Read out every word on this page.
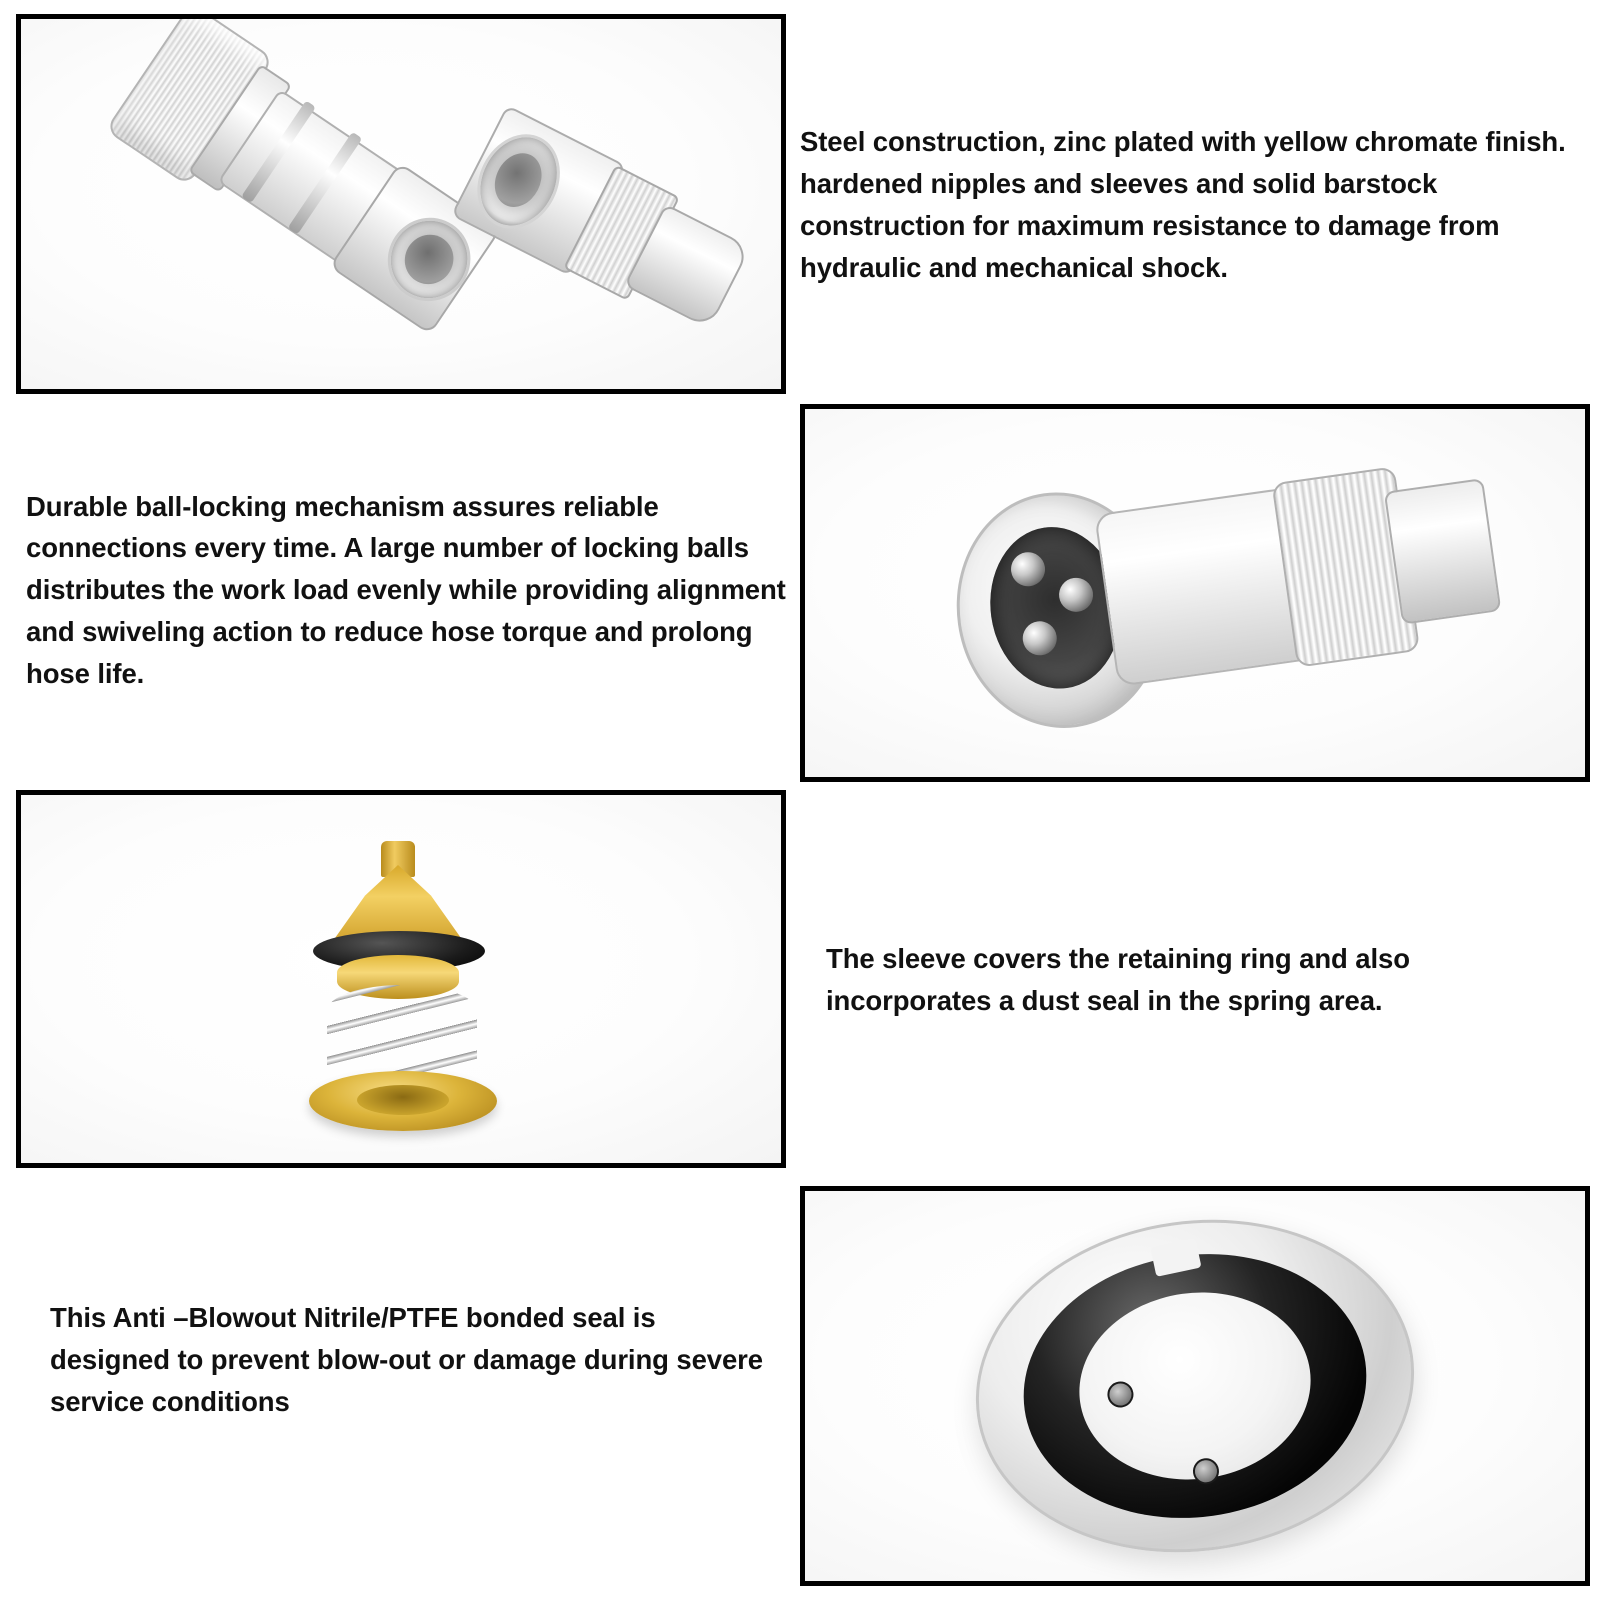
Steel construction, zinc plated with yellow chromate finish. hardened nipples and sleeves and solid barstock construction for maximum resistance to damage from hydraulic and mechanical shock.

Durable ball-locking mechanism assures reliable connections every time. A large number of locking balls distributes the work load evenly while providing alignment and swiveling action to reduce hose torque and prolong hose life.

The sleeve covers the retaining ring and also incorporates a dust seal in the spring area.

This Anti –Blowout Nitrile/PTFE bonded seal is designed to prevent blow-out or damage during severe service conditions
